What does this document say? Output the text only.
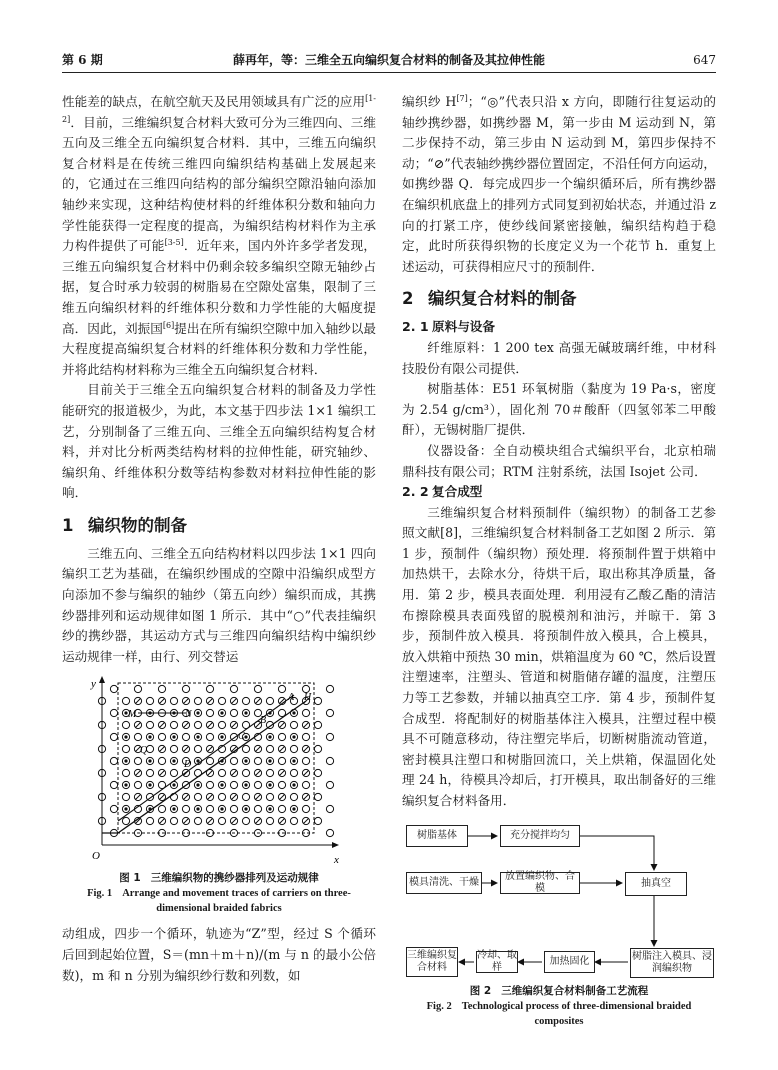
第 6 期	薛再年，等：三维全五向编织复合材料的制备及其拉伸性能	647

性能差的缺点，在航空航天及民用领域具有广泛的应用[1-2]．目前，三维编织复合材料大致可分为三维四向、三维五向及三维全五向编织复合材料．其中，三维五向编织复合材料是在传统三维四向编织结构基础上发展起来的，它通过在三维四向结构的部分编织空隙沿轴向添加轴纱来实现，这种结构使材料的纤维体积分数和轴向力学性能获得一定程度的提高，为编织结构材料作为主承力构件提供了可能[3-5]．近年来，国内外许多学者发现，三维五向编织复合材料中仍剩余较多编织空隙无轴纱占据，复合时承力较弱的树脂易在空隙处富集，限制了三维五向编织材料的纤维体积分数和力学性能的大幅度提高．因此，刘振国[6]提出在所有编织空隙中加入轴纱以最大程度提高编织复合材料的纤维体积分数和力学性能，并将此结构材料称为三维全五向编织复合材料．

目前关于三维全五向编织复合材料的制备及力学性能研究的报道极少，为此，本文基于四步法 1×1 编织工艺，分别制备了三维五向、三维全五向编织结构复合材料，并对比分析两类结构材料的拉伸性能，研究轴纱、编织角、纤维体积分数等结构参数对材料拉伸性能的影响．

1 编织物的制备

三维五向、三维全五向结构材料以四步法 1×1 四向编织工艺为基础，在编织纱围成的空隙中沿编织成型方向添加不参与编织的轴纱（第五向纱）编织而成，其携纱器排列和运动规律如图 1 所示．其中“○”代表挂编织纱的携纱器，其运动方式与三维四向编织结构中编织纱运动规律一样，由行、列交替运

y
x
O
A H
M	N
B
C
Q
D
图 1 三维编织物的携纱器排列及运动规律
Fig. 1 Arrange and movement traces of carriers on three-dimensional braided fabrics

动组成，四步一个循环，轨迹为“Z”型，经过 S 个循环后回到起始位置，S＝(mn＋m＋n)/(m 与 n 的最小公倍数)，m 和 n 分别为编织纱行数和列数，如

编织纱 H[7]；“◎”代表只沿 x 方向，即随行往复运动的轴纱携纱器，如携纱器 M，第一步由 M 运动到 N，第二步保持不动，第三步由 N 运动到 M，第四步保持不动；“⊘”代表轴纱携纱器位置固定，不沿任何方向运动，如携纱器 Q．每完成四步一个编织循环后，所有携纱器在编织机底盘上的排列方式同复到初始状态，并通过沿 z 向的打紧工序，使纱线间紧密接触，编织结构趋于稳定，此时所获得织物的长度定义为一个花节 h．重复上述运动，可获得相应尺寸的预制件．

2 编织复合材料的制备
2. 1 原料与设备

纤维原料：1 200 tex 高强无碱玻璃纤维，中材科技股份有限公司提供．

树脂基体：E51 环氧树脂（黏度为 19 Pa·s，密度为 2.54 g/cm³），固化剂 70＃酸酐（四氢邻苯二甲酸酐），无锡树脂厂提供．

仪器设备：全自动模块组合式编织平台，北京柏瑞鼎科技有限公司；RTM 注射系统，法国 Isojet 公司．

2. 2 复合成型

三维编织复合材料预制件（编织物）的制备工艺参照文献[8]，三维编织复合材料制备工艺如图 2 所示．第 1 步，预制件（编织物）预处理．将预制件置于烘箱中加热烘干，去除水分，待烘干后，取出称其净质量，备用．第 2 步，模具表面处理．利用浸有乙酸乙酯的清洁布擦除模具表面残留的脱模剂和油污，并晾干．第 3 步，预制件放入模具．将预制件放入模具，合上模具，放入烘箱中预热 30 min，烘箱温度为 60 ℃，然后设置注塑速率，注塑头、管道和树脂储存罐的温度，注塑压力等工艺参数，并辅以抽真空工序．第 4 步，预制件复合成型．将配制好的树脂基体注入模具，注塑过程中模具不可随意移动，待注塑完毕后，切断树脂流动管道，密封模具注塑口和树脂回流口，关上烘箱，保温固化处理 24 h，待模具冷却后，打开模具，取出制备好的三维编织复合材料备用．

树脂基体	充分搅拌均匀
抽真空
模具清洗、干燥
放置编织物、合模
树脂注入模具、浸润编织物
加热固化
冷却、取样
三维编织复合材料
图 2 三维编织复合材料制备工艺流程
Fig. 2 Technological process of three-dimensional braided composites
